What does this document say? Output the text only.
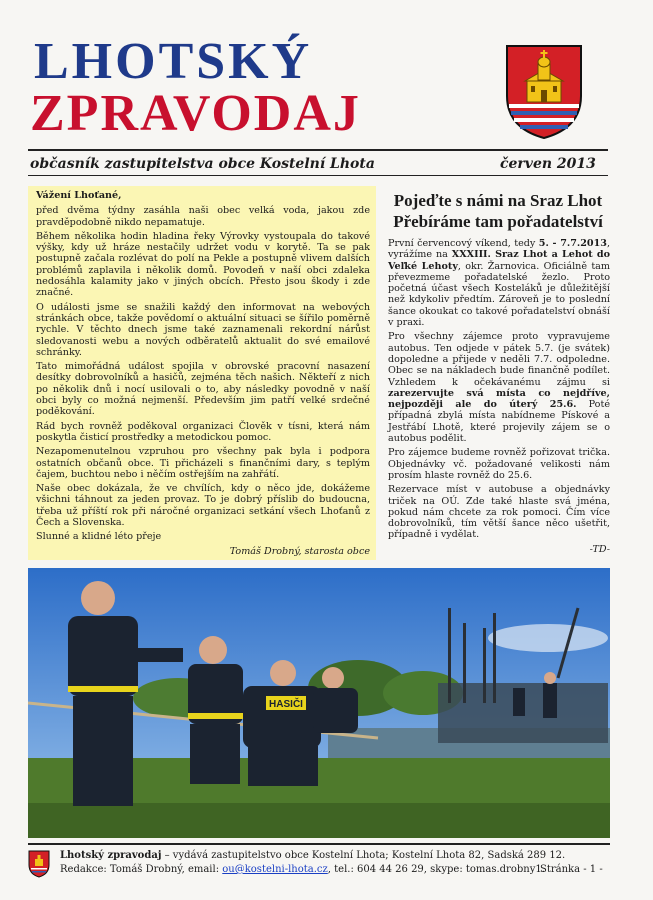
LHOTSKÝ
ZPRAVODAJ
občasník zastupitelstva obce Kostelní Lhota	červen 2013

Vážení Lhoťané,

před dvěma týdny zasáhla naši obec velká voda, jakou zde pravděpodobně nikdo nepamatuje.

Během několika hodin hladina řeky Výrovky vystoupala do takové výšky, kdy už hráze nestačily udržet vodu v korytě. Ta se pak postupně začala rozlévat do polí na Pekle a postupně vlivem dalších problémů zaplavila i několik domů. Povodeň v naší obci zdaleka nedosáhla kalamity jako v jiných obcích. Přesto jsou škody i zde značné.

O události jsme se snažili každý den informovat na webových stránkách obce, takže povědomí o aktuální situaci se šířilo poměrně rychle. V těchto dnech jsme také zaznamenali rekordní nárůst sledovanosti webu a nových odběratelů aktualit do své emailové schránky.

Tato mimořádná událost spojila v obrovské pracovní nasazení desítky dobrovolníků a hasičů, zejména těch našich. Někteří z nich po několik dnů i nocí usilovali o to, aby následky povodně v naší obci byly co možná nejmenší. Především jim patří velké srdečné poděkování.

Rád bych rovněž poděkoval organizaci Člověk v tísni, která nám poskytla čisticí prostředky a metodickou pomoc.

Nezapomenutelnou vzpruhou pro všechny pak byla i podpora ostatních občanů obce. Ti přicházeli s finančními dary, s teplým čajem, buchtou nebo i něčím ostřejším na zahřátí.

Naše obec dokázala, že ve chvílích, kdy o něco jde, dokážeme všichni táhnout za jeden provaz. To je dobrý příslib do budoucna, třeba už příští rok při náročné organizaci setkání všech Lhoťanů z Čech a Slovenska.

Slunné a klidné léto přeje

Tomáš Drobný, starosta obce

Pojeďte s námi na Sraz Lhot
Přebíráme tam pořadatelství

První červencový víkend, tedy 5. - 7.7.2013, vyrážíme na XXXIII. Sraz Lhot a Lehot do Veľké Lehoty, okr. Žarnovica. Oficiálně tam převezmeme pořadatelské žezlo. Proto početná účast všech Kosteláků je důležitější než kdykoliv předtím. Zároveň je to poslední šance okoukat co takové pořadatelství obnáší v praxi.

Pro všechny zájemce proto vypravujeme autobus. Ten odjede v pátek 5.7. (je svátek) dopoledne a přijede v neděli 7.7. odpoledne. Obec se na nákladech bude finančně podílet. Vzhledem k očekávanému zájmu si zarezervujte svá místa co nejdříve, nejpozději ale do úterý 25.6. Poté případná zbylá místa nabídneme Pískové a Jestřábí Lhotě, které projevily zájem se o autobus podělit.

Pro zájemce budeme rovněž pořizovat trička. Objednávky vč. požadované velikosti nám prosím hlaste rovněž do 25.6.

Rezervace míst v autobuse a objednávky triček na OÚ. Zde také hlaste svá jména, pokud nám chcete za rok pomoci. Čím více dobrovolníků, tím větší šance něco ušetřit, případně i vydělat.

-TD-

HASIČI
Lhotský zpravodaj – vydává zastupitelstvo obce Kostelní Lhota; Kostelní Lhota 82, Sadská 289 12.
Redakce: Tomáš Drobný, email: ou@kostelni-lhota.cz, tel.: 604 44 26 29, skype: tomas.drobny1.
Stránka - 1 -
